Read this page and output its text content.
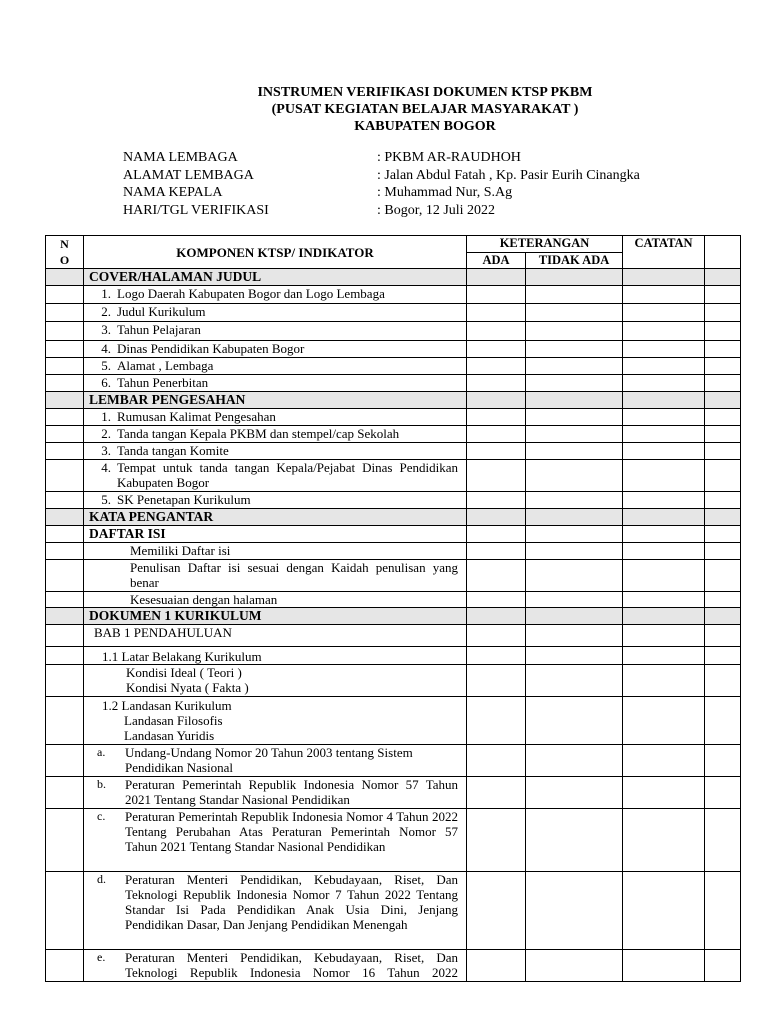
INSTRUMEN VERIFIKASI DOKUMEN KTSP PKBM
(PUSAT KEGIATAN BELAJAR MASYARAKAT )
KABUPATEN BOGOR
NAMA LEMBAGA	: PKBM AR-RAUDHOH
ALAMAT LEMBAGA	: Jalan Abdul Fatah , Kp. Pasir Eurih Cinangka
NAMA KEPALA	: Muhammad Nur, S.Ag
HARI/TGL VERIFIKASI	: Bogor, 12 Juli 2022
N O	KOMPONEN KTSP/ INDIKATOR	KETERANGAN		CATATAN	
		ADA	TIDAK ADA		
	COVER/HALAMAN JUDUL				
	1. Logo Daerah Kabupaten Bogor dan Logo Lembaga				
	2. Judul Kurikulum				
	3. Tahun Pelajaran				
	4. Dinas Pendidikan Kabupaten Bogor				
	5. Alamat , Lembaga				
	6. Tahun Penerbitan				
	LEMBAR PENGESAHAN				
	1. Rumusan Kalimat Pengesahan				
	2. Tanda tangan Kepala PKBM dan stempel/cap Sekolah				
	3. Tanda tangan Komite				

	4. Tempat untuk tanda tangan Kepala/Pejabat Dinas Pendidikan Kabupaten Bogor				

	5. SK Penetapan Kurikulum				
	KATA PENGANTAR				
	DAFTAR ISI				
	Memiliki Daftar isi				
	Penulisan Daftar isi sesuai dengan Kaidah penulisan yang benar				
	Kesesuaian dengan halaman				
	DOKUMEN 1 KURIKULUM				
	BAB 1 PENDAHULUAN				
	1.1 Latar Belakang Kurikulum				

	Kondisi Ideal ( Teori )
Kondisi Nyata ( Fakta )				

	1.2 Landasan Kurikulum
Landasan Filosofis
Landasan Yuridis				

	a. Undang-Undang Nomor 20 Tahun 2003 tentang Sistem Pendidikan Nasional				

	b. Peraturan Pemerintah Republik Indonesia Nomor 57 Tahun 2021 Tentang Standar Nasional Pendidikan				

	c. Peraturan Pemerintah Republik Indonesia Nomor 4 Tahun 2022 Tentang Perubahan Atas Peraturan Pemerintah Nomor 57 Tahun 2021 Tentang Standar Nasional Pendidikan				

	d. Peraturan Menteri Pendidikan, Kebudayaan, Riset, Dan Teknologi Republik Indonesia Nomor 7 Tahun 2022 Tentang Standar Isi Pada Pendidikan Anak Usia Dini, Jenjang Pendidikan Dasar, Dan Jenjang Pendidikan Menengah				

	e. Peraturan Menteri Pendidikan, Kebudayaan, Riset, Dan Teknologi Republik Indonesia Nomor 16 Tahun 2022				
